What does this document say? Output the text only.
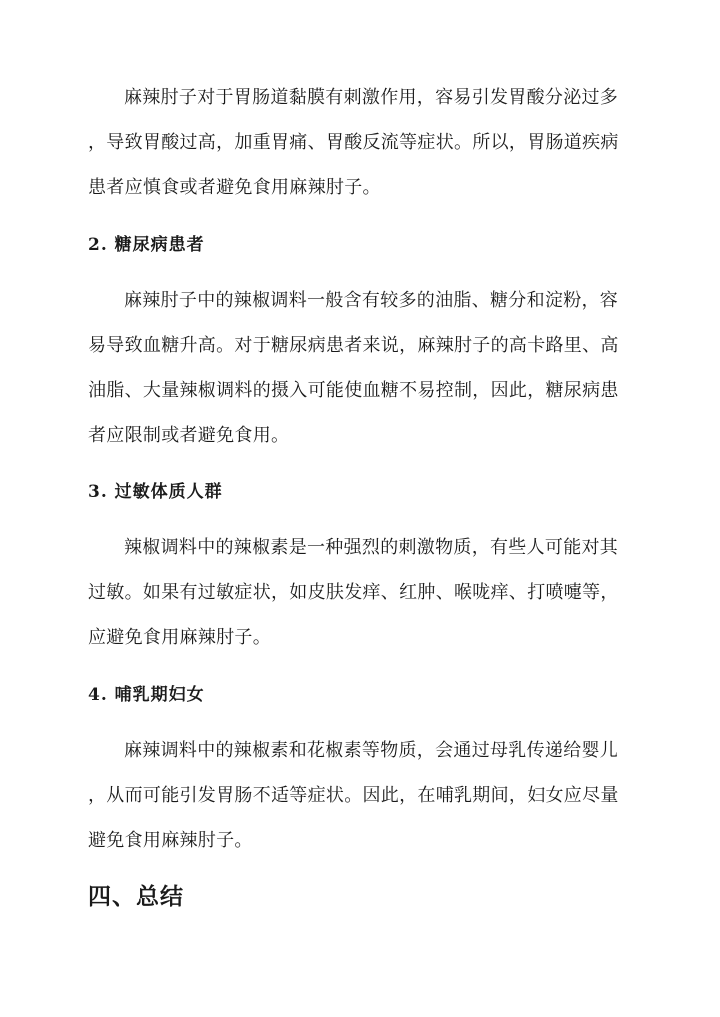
麻辣肘子对于胃肠道黏膜有刺激作用，容易引发胃酸分泌过多
，导致胃酸过高，加重胃痛、胃酸反流等症状。所以，胃肠道疾病
患者应慎食或者避免食用麻辣肘子。
2. 糖尿病患者
麻辣肘子中的辣椒调料一般含有较多的油脂、糖分和淀粉，容
易导致血糖升高。对于糖尿病患者来说，麻辣肘子的高卡路里、高
油脂、大量辣椒调料的摄入可能使血糖不易控制，因此，糖尿病患
者应限制或者避免食用。
3. 过敏体质人群
辣椒调料中的辣椒素是一种强烈的刺激物质，有些人可能对其
过敏。如果有过敏症状，如皮肤发痒、红肿、喉咙痒、打喷嚏等，
应避免食用麻辣肘子。
4. 哺乳期妇女
麻辣调料中的辣椒素和花椒素等物质，会通过母乳传递给婴儿
，从而可能引发胃肠不适等症状。因此，在哺乳期间，妇女应尽量
避免食用麻辣肘子。
四、总结
